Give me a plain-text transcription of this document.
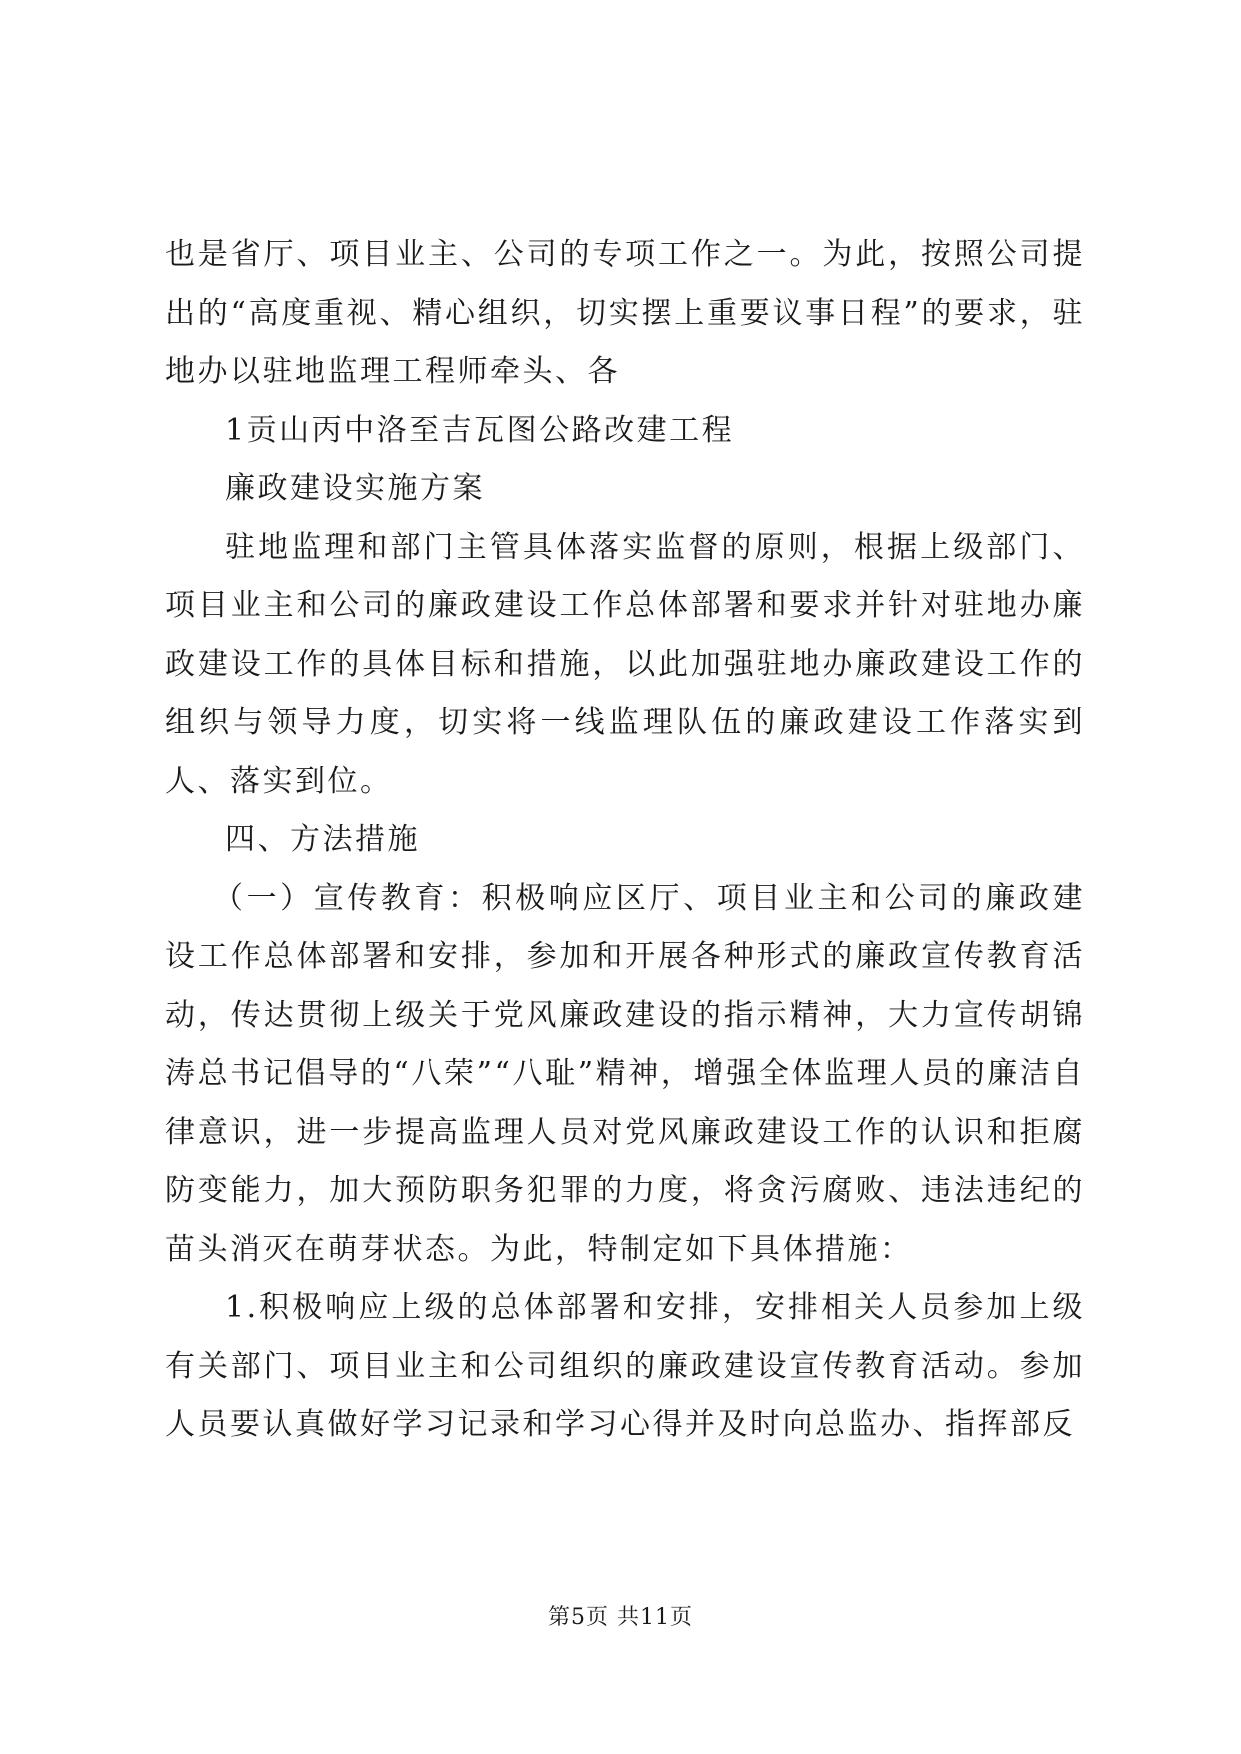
也是省厅、项目业主、公司的专项工作之一。为此，按照公司提出的“高度重视、精心组织，切实摆上重要议事日程”的要求，驻地办以驻地监理工程师牵头、各

1贡山丙中洛至吉瓦图公路改建工程

廉政建设实施方案

驻地监理和部门主管具体落实监督的原则，根据上级部门、项目业主和公司的廉政建设工作总体部署和要求并针对驻地办廉政建设工作的具体目标和措施，以此加强驻地办廉政建设工作的组织与领导力度，切实将一线监理队伍的廉政建设工作落实到人、落实到位。

四、方法措施

（一）宣传教育：积极响应区厅、项目业主和公司的廉政建设工作总体部署和安排，参加和开展各种形式的廉政宣传教育活动，传达贯彻上级关于党风廉政建设的指示精神，大力宣传胡锦涛总书记倡导的“八荣”“八耻”精神，增强全体监理人员的廉洁自律意识，进一步提高监理人员对党风廉政建设工作的认识和拒腐防变能力，加大预防职务犯罪的力度，将贪污腐败、违法违纪的苗头消灭在萌芽状态。为此，特制定如下具体措施：

1.积极响应上级的总体部署和安排，安排相关人员参加上级有关部门、项目业主和公司组织的廉政建设宣传教育活动。参加人员要认真做好学习记录和学习心得并及时向总监办、指挥部反

第5页 共11页
